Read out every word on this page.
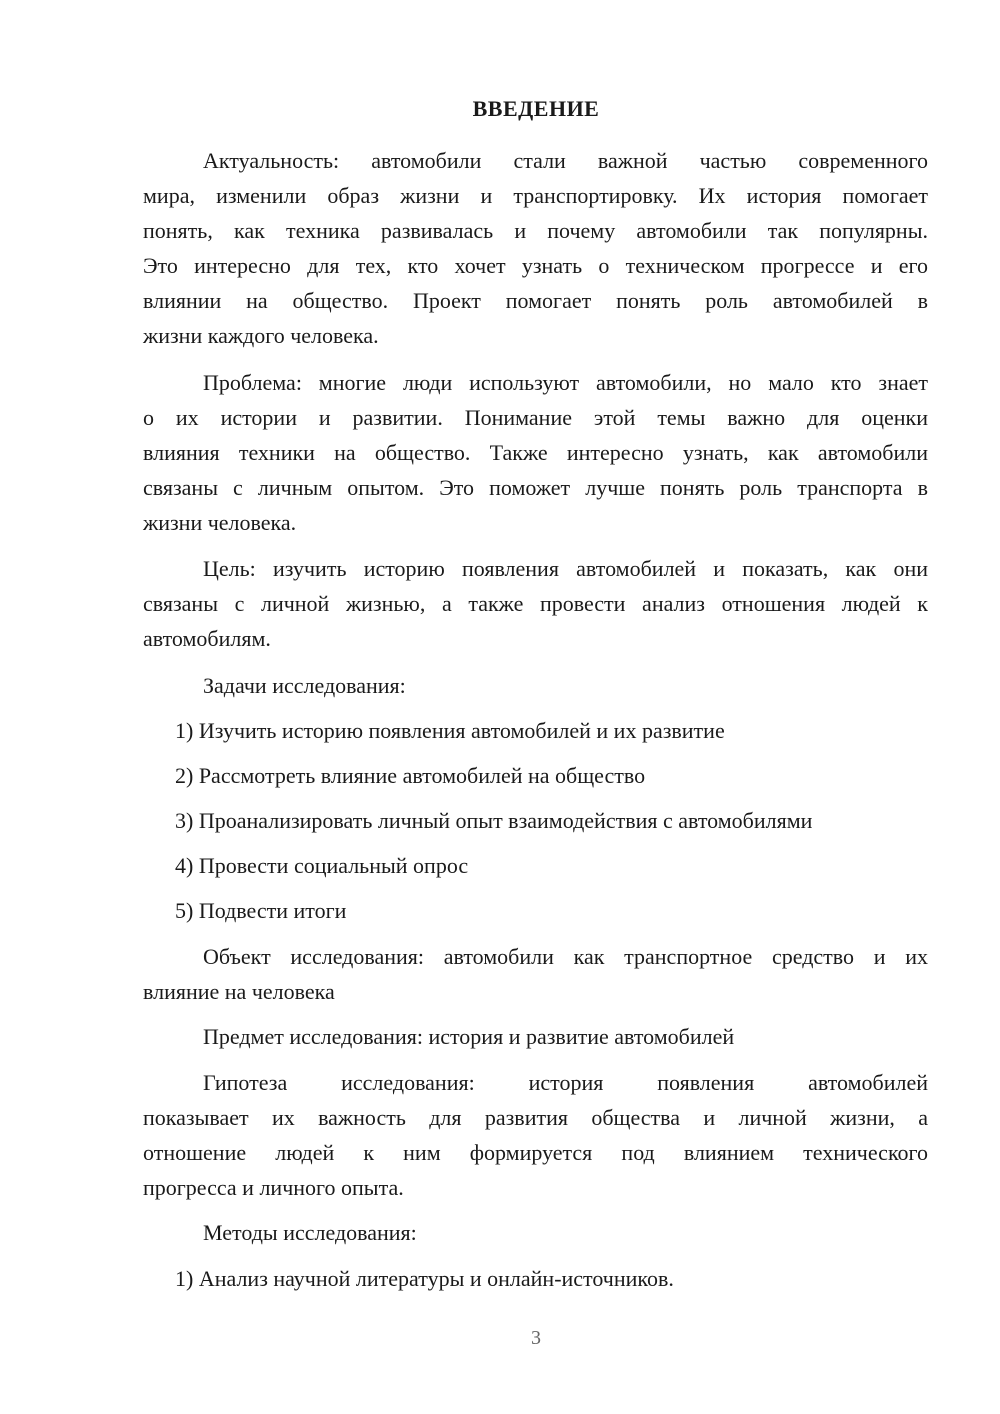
ВВЕДЕНИЕ
Актуальность: автомобили стали важной частью современного
мира, изменили образ жизни и транспортировку. Их история помогает
понять, как техника развивалась и почему автомобили так популярны.
Это интересно для тех, кто хочет узнать о техническом прогрессе и его
влиянии на общество. Проект помогает понять роль автомобилей в
жизни каждого человека.
Проблема: многие люди используют автомобили, но мало кто знает
о их истории и развитии. Понимание этой темы важно для оценки
влияния техники на общество. Также интересно узнать, как автомобили
связаны с личным опытом. Это поможет лучше понять роль транспорта в
жизни человека.
Цель: изучить историю появления автомобилей и показать, как они
связаны с личной жизнью, а также провести анализ отношения людей к
автомобилям.
Задачи исследования:
1) Изучить историю появления автомобилей и их развитие
2) Рассмотреть влияние автомобилей на общество
3) Проанализировать личный опыт взаимодействия с автомобилями
4) Провести социальный опрос
5) Подвести итоги
Объект исследования: автомобили как транспортное средство и их
влияние на человека
Предмет исследования: история и развитие автомобилей
Гипотеза исследования: история появления автомобилей
показывает их важность для развития общества и личной жизни, а
отношение людей к ним формируется под влиянием технического
прогресса и личного опыта.
Методы исследования:
1) Анализ научной литературы и онлайн-источников.
3
